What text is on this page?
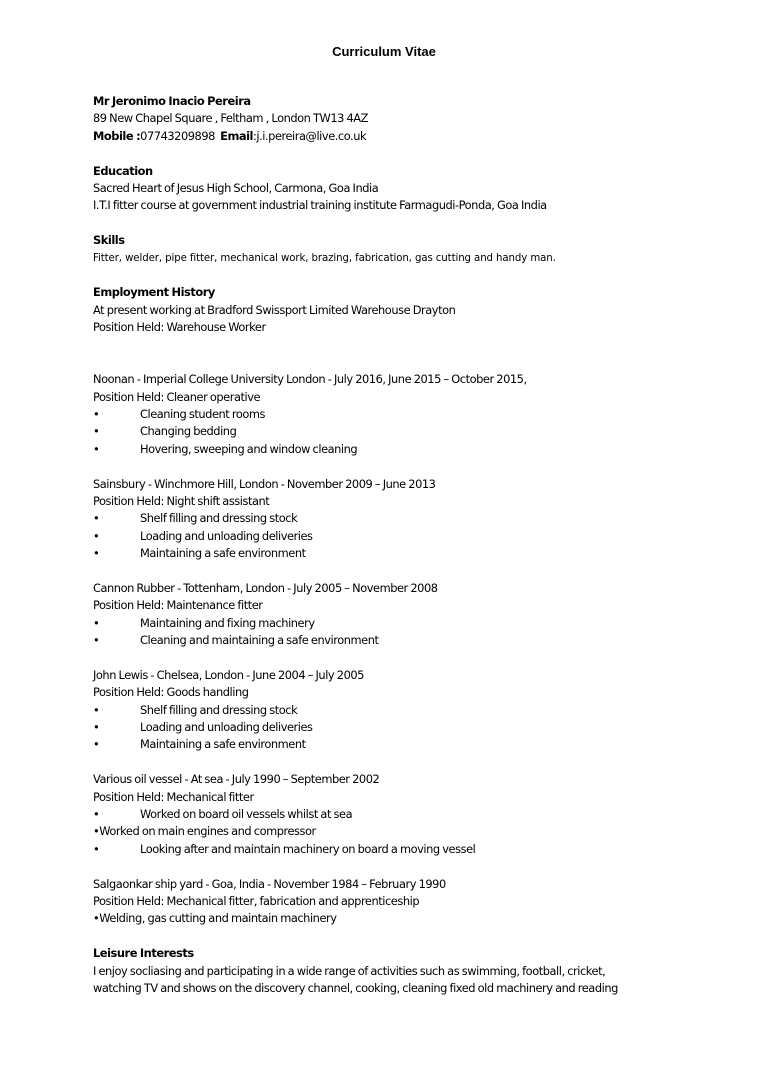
Curriculum Vitae
Mr Jeronimo Inacio Pereira
89 New Chapel Square , Feltham , London TW13 4AZ
Mobile :07743209898 Email:j.i.pereira@live.co.uk
Education
Sacred Heart of Jesus High School, Carmona, Goa India
I.T.I fitter course at government industrial training institute Farmagudi-Ponda, Goa India
Skills
Fitter, welder, pipe fitter, mechanical work, brazing, fabrication, gas cutting and handy man.
Employment History
At present working at Bradford Swissport Limited Warehouse Drayton
Position Held: Warehouse Worker
Noonan - Imperial College University London - July 2016, June 2015 – October 2015,
Position Held: Cleaner operative
•	Cleaning student rooms
•	Changing bedding
•	Hovering, sweeping and window cleaning
Sainsbury - Winchmore Hill, London - November 2009 – June 2013
Position Held: Night shift assistant
•	Shelf filling and dressing stock
•	Loading and unloading deliveries
•	Maintaining a safe environment
Cannon Rubber - Tottenham, London - July 2005 – November 2008
Position Held: Maintenance fitter
•	Maintaining and fixing machinery
•	Cleaning and maintaining a safe environment
John Lewis - Chelsea, London - June 2004 – July 2005
Position Held: Goods handling
•	Shelf filling and dressing stock
•	Loading and unloading deliveries
•	Maintaining a safe environment
Various oil vessel - At sea - July 1990 – September 2002
Position Held: Mechanical fitter
•	Worked on board oil vessels whilst at sea
•Worked on main engines and compressor
•	Looking after and maintain machinery on board a moving vessel
Salgaonkar ship yard - Goa, India - November 1984 – February 1990
Position Held: Mechanical fitter, fabrication and apprenticeship
•Welding, gas cutting and maintain machinery
Leisure Interests
I enjoy socliasing and participating in a wide range of activities such as swimming, football, cricket,
watching TV and shows on the discovery channel, cooking, cleaning fixed old machinery and reading
